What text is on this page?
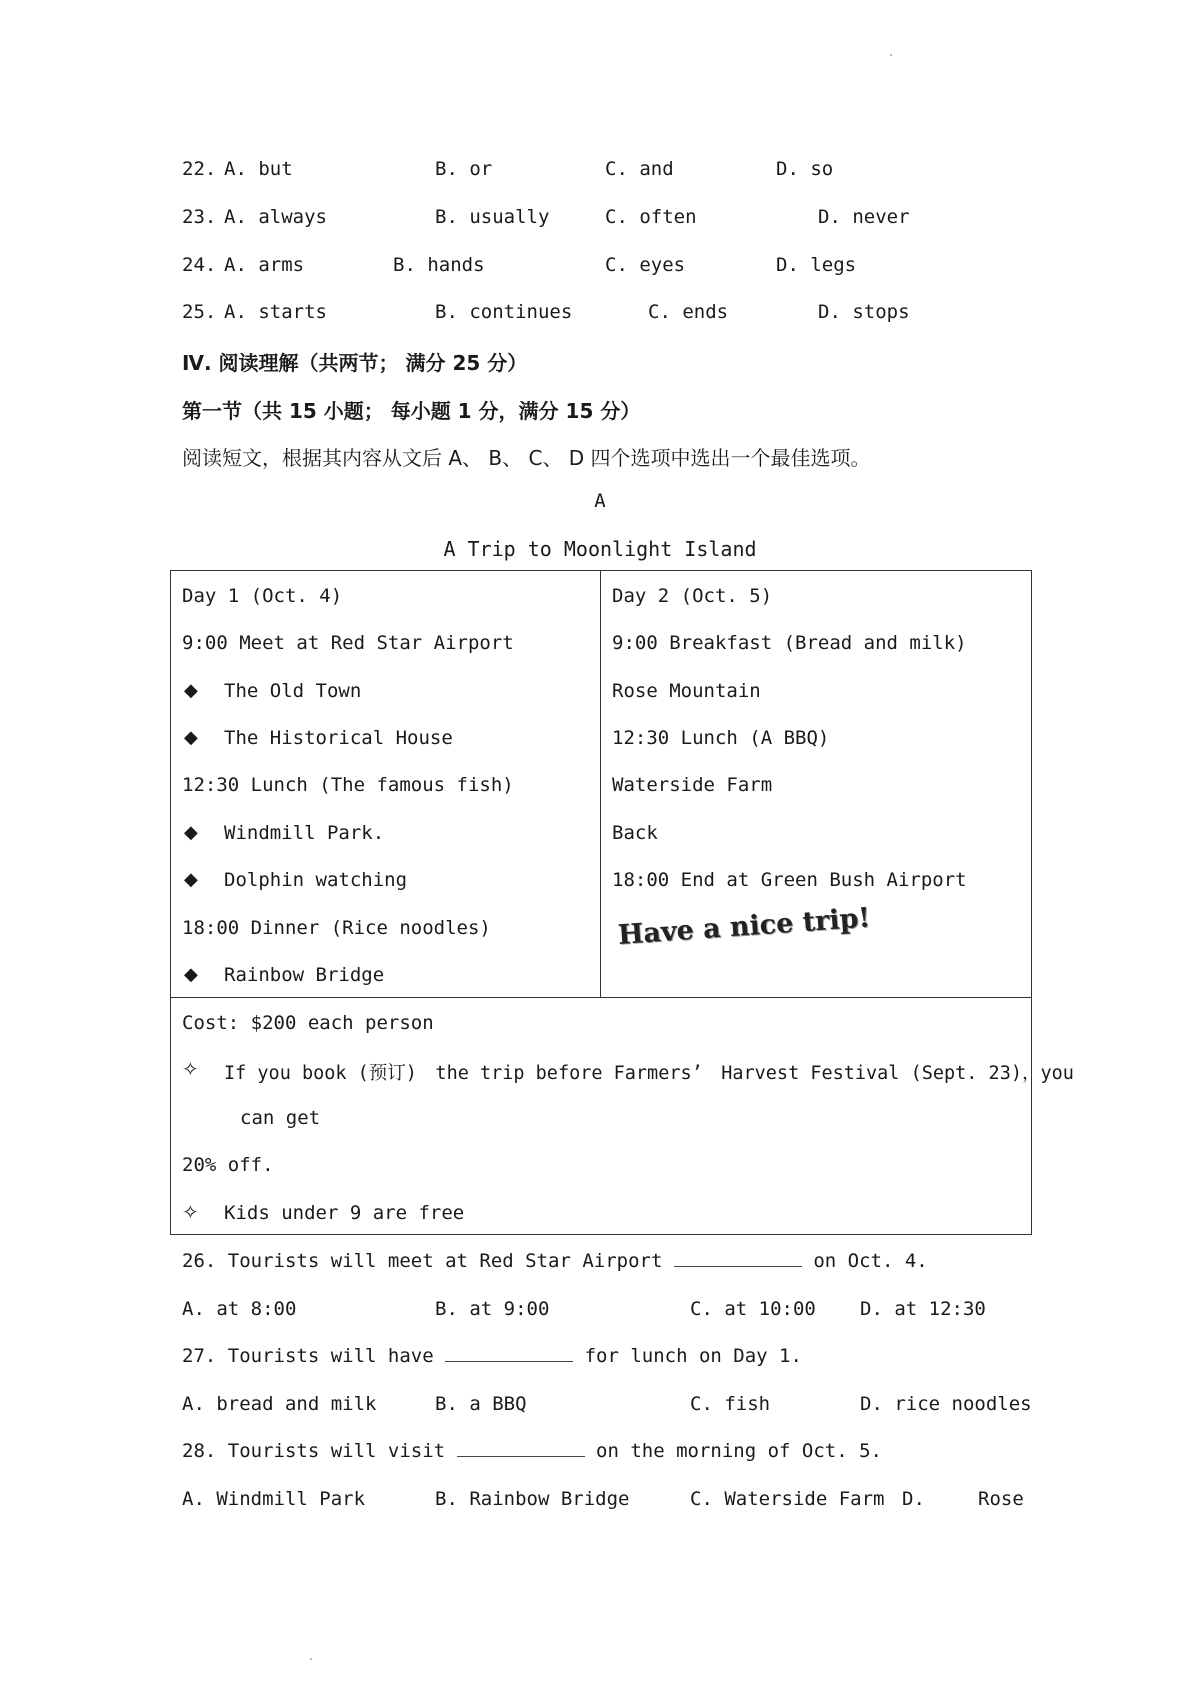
22. A. but	B. or	C. and	D. so
23. A. always	B. usually	C. often	D. never
24. A. arms	B. hands	C. eyes	D. legs
25. A. starts	B. continues	C. ends	D. stops
Ⅳ. 阅读理解（共两节； 满分 25 分）
第一节（共 15 小题； 每小题 1 分，满分 15 分）
阅读短文，根据其内容从文后 A、 B、 C、 D 四个选项中选出一个最佳选项。
A
A Trip to Moonlight Island
Day 1 (Oct. 4)
9:00 Meet at Red Star Airport
◆ The Old Town
◆ The Historical House
12:30 Lunch (The famous fish)
◆ Windmill Park.
◆ Dolphin watching
18:00 Dinner (Rice noodles)
◆ Rainbow Bridge
Day 2 (Oct. 5)
9:00 Breakfast (Bread and milk)
Rose Mountain
12:30 Lunch (A BBQ)
Waterside Farm
Back
18:00 End at Green Bush Airport
Have a nice trip!
Cost: $200 each person
✧ If you book (预订)　the trip before Farmers’　Harvest Festival (Sept. 23)，you
can get
20% off.
✧ Kids under 9 are free
26. Tourists will meet at Red Star Airport	on Oct. 4.
A. at 8:00	B. at 9:00	C. at 10:00 D. at 12:30
27. Tourists will have	for lunch on Day 1.
A. bread and milk	B. a BBQ	C. fish	D. rice noodles
28. Tourists will visit	on the morning of Oct. 5.
A. Windmill Park	B. Rainbow Bridge	C. Waterside Farm D.	Rose
